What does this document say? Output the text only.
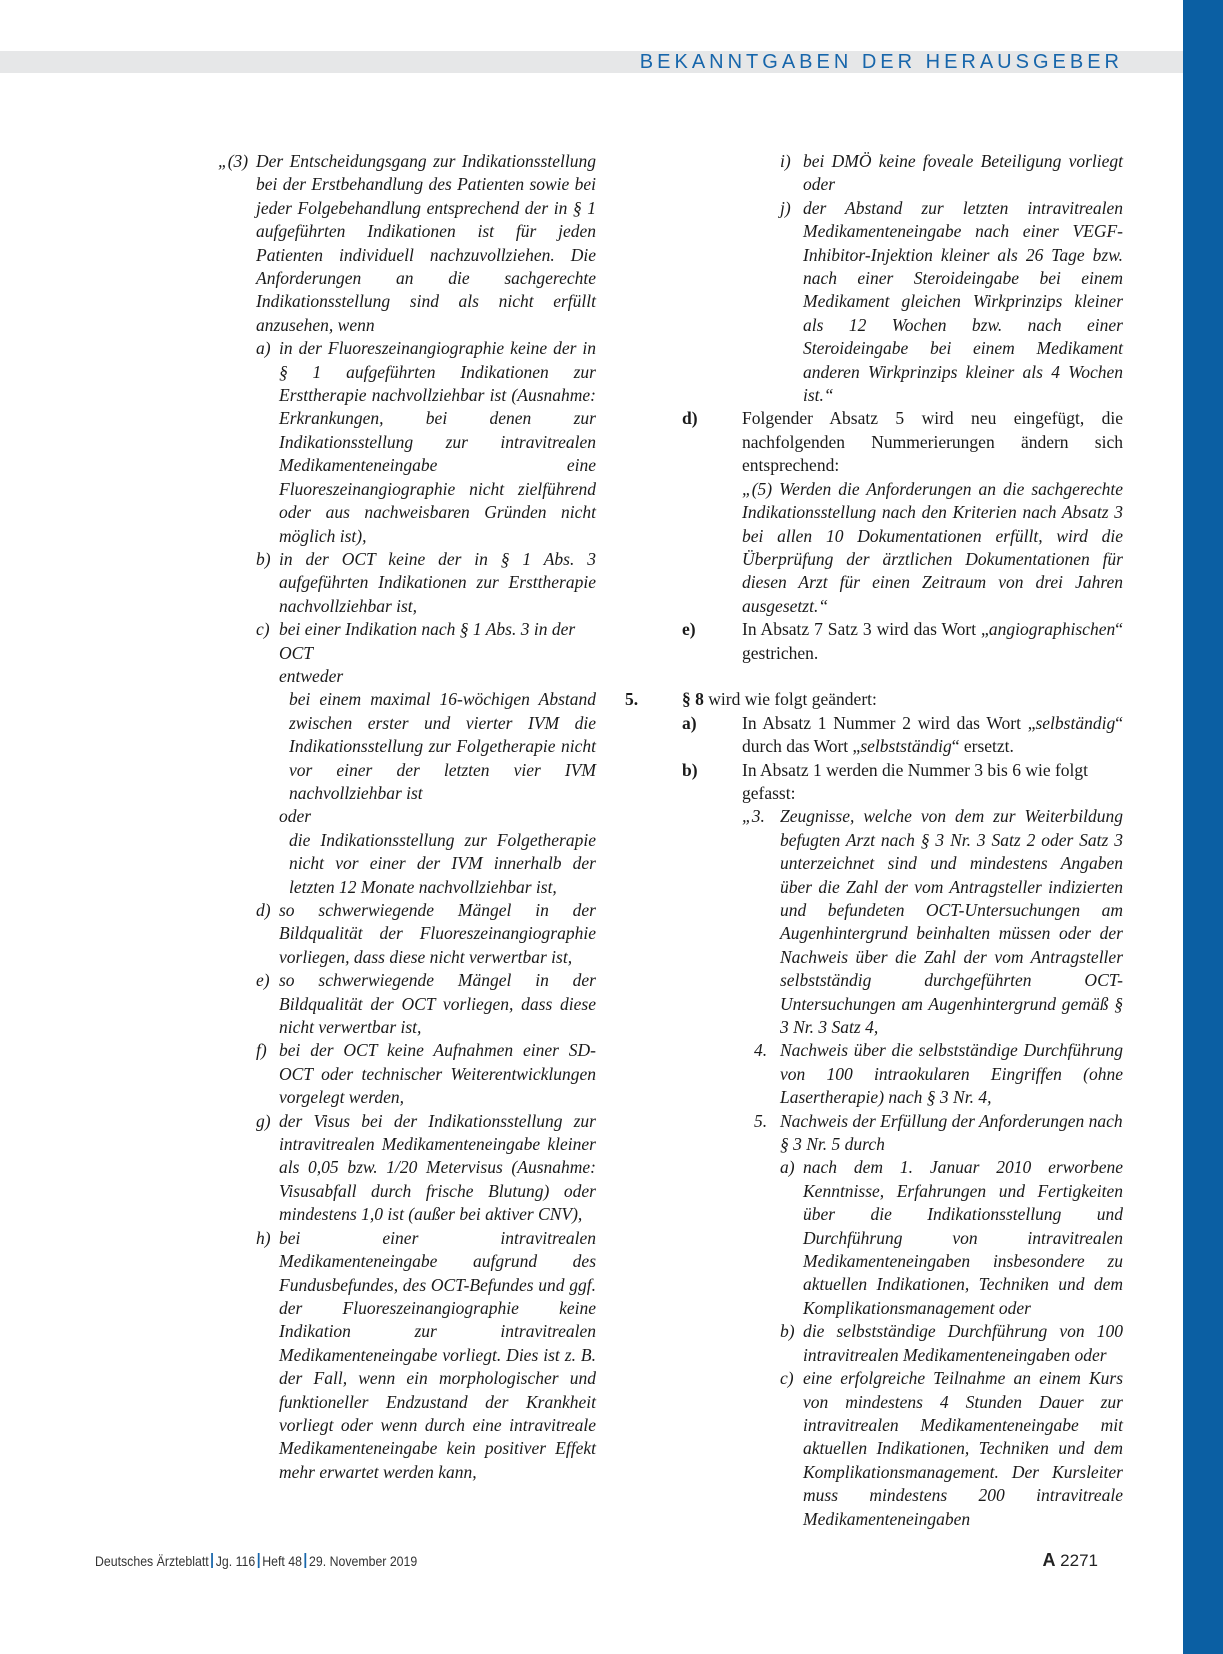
BEKANNTGABEN DER HERAUSGEBER
„(3) Der Entscheidungsgang zur Indikationsstellung bei der Erstbehandlung des Patienten sowie bei jeder Folgebehandlung entsprechend der in § 1 aufgeführten Indikationen ist für jeden Patienten individuell nachzuvollziehen. Die Anforderungen an die sachgerechte Indikationsstellung sind als nicht erfüllt anzusehen, wenn
a) in der Fluoreszeinangiographie keine der in § 1 aufgeführten Indikationen zur Ersttherapie nachvollziehbar ist (Ausnahme: Erkrankungen, bei denen zur Indikationsstellung zur intravitrealen Medikamenteneingabe eine Fluoreszeinangiographie nicht zielführend oder aus nachweisbaren Gründen nicht möglich ist),
b) in der OCT keine der in § 1 Abs. 3 aufgeführten Indikationen zur Ersttherapie nachvollziehbar ist,
c) bei einer Indikation nach § 1 Abs. 3 in der OCT
entweder
bei einem maximal 16-wöchigen Abstand zwischen erster und vierter IVM die Indikationsstellung zur Folgetherapie nicht vor einer der letzten vier IVM nachvollziehbar ist
oder
die Indikationsstellung zur Folgetherapie nicht vor einer der IVM innerhalb der letzten 12 Monate nachvollziehbar ist,
d) so schwerwiegende Mängel in der Bildqualität der Fluoreszeinangiographie vorliegen, dass diese nicht verwertbar ist,
e) so schwerwiegende Mängel in der Bildqualität der OCT vorliegen, dass diese nicht verwertbar ist,
f) bei der OCT keine Aufnahmen einer SD-OCT oder technischer Weiterentwicklungen vorgelegt werden,
g) der Visus bei der Indikationsstellung zur intravitrealen Medikamenteneingabe kleiner als 0,05 bzw. 1/20 Metervisus (Ausnahme: Visusabfall durch frische Blutung) oder mindestens 1,0 ist (außer bei aktiver CNV),
h) bei einer intravitrealen Medikamenteneingabe aufgrund des Fundusbefundes, des OCT-Befundes und ggf. der Fluoreszeinangiographie keine Indikation zur intravitrealen Medikamenteneingabe vorliegt. Dies ist z. B. der Fall, wenn ein morphologischer und funktioneller Endzustand der Krankheit vorliegt oder wenn durch eine intravitreale Medikamenteneingabe kein positiver Effekt mehr erwartet werden kann,
i) bei DMÖ keine foveale Beteiligung vorliegt oder
j) der Abstand zur letzten intravitrealen Medikamenteneingabe nach einer VEGF-Inhibitor-Injektion kleiner als 26 Tage bzw. nach einer Steroideingabe bei einem Medikament gleichen Wirkprinzips kleiner als 12 Wochen bzw. nach einer Steroideingabe bei einem Medikament anderen Wirkprinzips kleiner als 4 Wochen ist.“
d)	Folgender Absatz 5 wird neu eingefügt, die nachfolgenden Nummerierungen ändern sich entsprechend:
„(5) Werden die Anforderungen an die sachgerechte Indikationsstellung nach den Kriterien nach Absatz 3 bei allen 10 Dokumentationen erfüllt, wird die Überprüfung der ärztlichen Dokumentationen für diesen Arzt für einen Zeitraum von drei Jahren ausgesetzt.“
e)	In Absatz 7 Satz 3 wird das Wort „angiographischen“ gestrichen.
5.	§ 8 wird wie folgt geändert:
a)	In Absatz 1 Nummer 2 wird das Wort „selbständig“ durch das Wort „selbstständig“ ersetzt.
b)	In Absatz 1 werden die Nummer 3 bis 6 wie folgt gefasst:
„3. Zeugnisse, welche von dem zur Weiterbildung befugten Arzt nach § 3 Nr. 3 Satz 2 oder Satz 3 unterzeichnet sind und mindestens Angaben über die Zahl der vom Antragsteller indizierten und befundeten OCT-Untersuchungen am Augenhintergrund beinhalten müssen oder der Nachweis über die Zahl der vom Antragsteller selbstständig durchgeführten OCT-Untersuchungen am Augenhintergrund gemäß § 3 Nr. 3 Satz 4,
4. Nachweis über die selbstständige Durchführung von 100 intraokularen Eingriffen (ohne Lasertherapie) nach § 3 Nr. 4,
5. Nachweis der Erfüllung der Anforderungen nach § 3 Nr. 5 durch
a) nach dem 1. Januar 2010 erworbene Kenntnisse, Erfahrungen und Fertigkeiten über die Indikationsstellung und Durchführung von intravitrealen Medikamenteneingaben insbesondere zu aktuellen Indikationen, Techniken und dem Komplikationsmanagement oder
b) die selbstständige Durchführung von 100 intravitrealen Medikamenteneingaben oder
c) eine erfolgreiche Teilnahme an einem Kurs von mindestens 4 Stunden Dauer zur intravitrealen Medikamenteneingabe mit aktuellen Indikationen, Techniken und dem Komplikationsmanagement. Der Kursleiter muss mindestens 200 intravitreale Medikamenteneingaben
Deutsches Ärzteblatt Jg. 116 Heft 48 29. November 2019	A 2271
